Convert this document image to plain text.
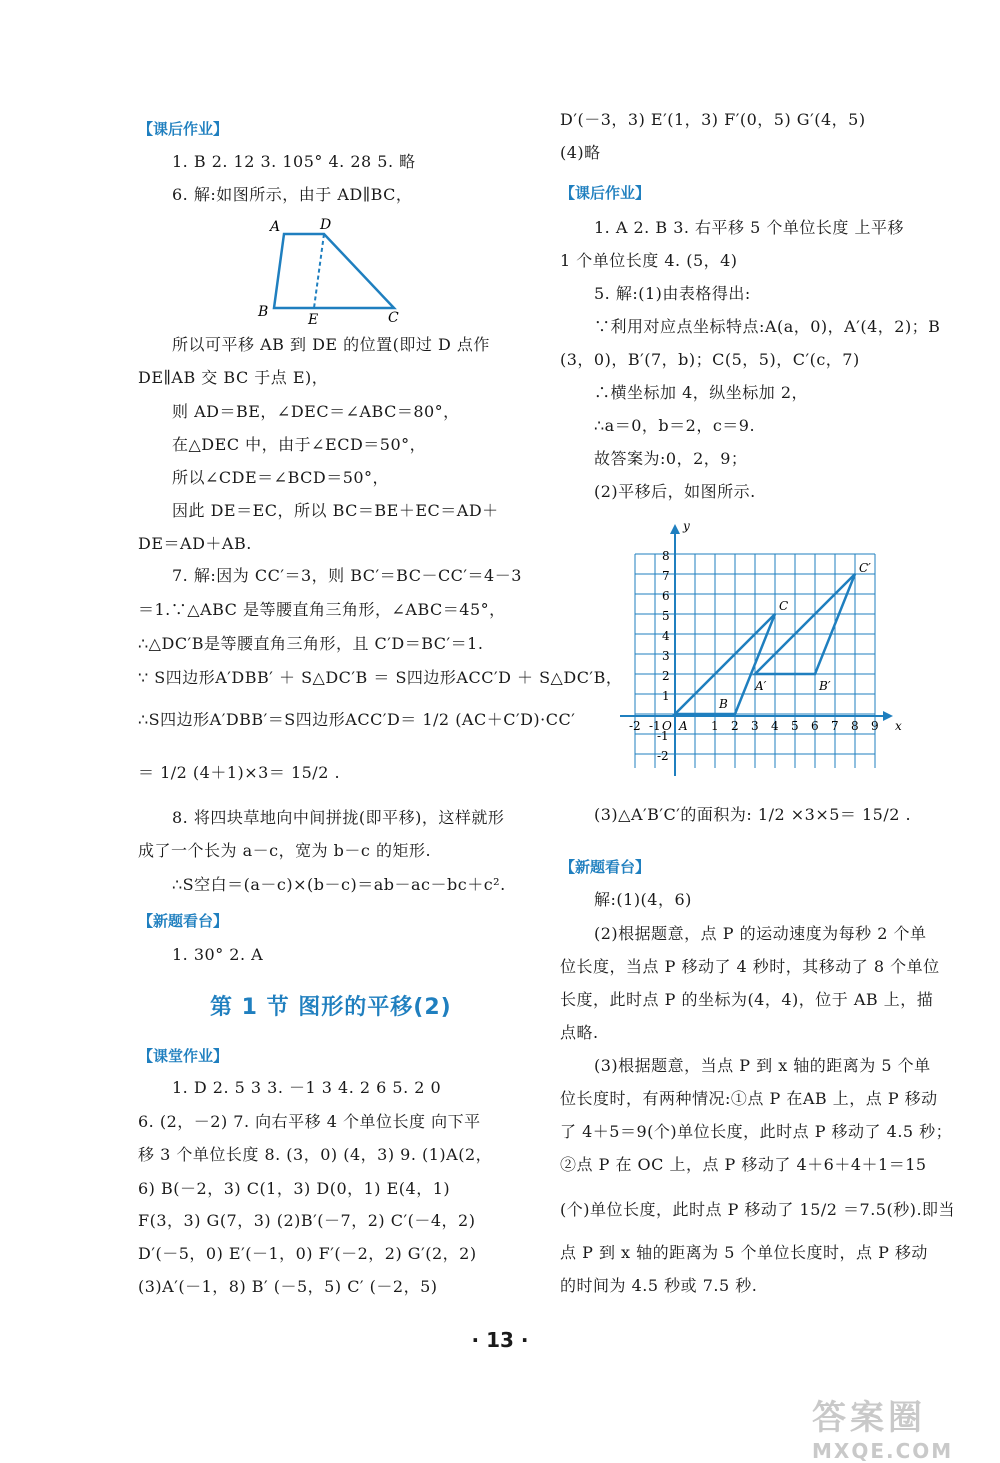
【课后作业】
1. B 2. 12 3. 105° 4. 28 5. 略
6. 解:如图所示，由于 AD∥BC，
A	D
B	E	C
所以可平移 AB 到 DE 的位置(即过 D 点作
DE∥AB 交 BC 于点 E)，
则 AD＝BE，∠DEC＝∠ABC＝80°，
在△DEC 中，由于∠ECD＝50°，
所以∠CDE＝∠BCD＝50°，
因此 DE＝EC，所以 BC＝BE＋EC＝AD＋
DE＝AD＋AB.
7. 解:因为 CC′＝3，则 BC′＝BC－CC′＝4－3
＝1.∵△ABC 是等腰直角三角形，∠ABC＝45°，
∴△DC′B是等腰直角三角形，且 C′D＝BC′＝1.
∵ S四边形A′DBB′ ＋ S△DC′B ＝ S四边形ACC′D ＋ S△DC′B，
∴S四边形A′DBB′＝S四边形ACC′D＝ 1/2 (AC＋C′D)·CC′
＝ 1/2 (4＋1)×3＝ 15/2 .
8. 将四块草地向中间拼拢(即平移)，这样就形
成了一个长为 a－c，宽为 b－c 的矩形.
∴S空白＝(a－c)×(b－c)＝ab－ac－bc＋c².
【新题看台】
1. 30° 2. A
第 1 节 图形的平移(2)
【课堂作业】
1. D 2. 5 3 3. －1 3 4. 2 6 5. 2 0
6. (2，－2) 7. 向右平移 4 个单位长度 向下平
移 3 个单位长度 8. (3，0) (4，3) 9. (1)A(2，
6) B(－2，3) C(1，3) D(0，1) E(4，1)
F(3，3) G(7，3) (2)B′(－7，2) C′(－4，2)
D′(－5，0) E′(－1，0) F′(－2，2) G′(2，2)
(3)A′(－1，8) B′ (－5，5) C′ (－2，5)
D′(－3，3) E′(1，3) F′(0，5) G′(4，5)
(4)略
【课后作业】
1. A 2. B 3. 右平移 5 个单位长度 上平移
1 个单位长度 4. (5，4)
5. 解:(1)由表格得出:
∵利用对应点坐标特点:A(a，0)，A′(4，2)；B
(3，0)，B′(7，b)；C(5，5)，C′(c，7)
∴横坐标加 4，纵坐标加 2，
∴a＝0，b＝2，c＝9.
故答案为:0，2，9；
(2)平移后，如图所示.
y
x
O
-2 -1	1 2 3 4 5 6 7 8 9
8
7
6
5
4
3
2
1
-1
-2
A
B
C
A′	B′
C′
(3)△A′B′C′的面积为: 1/2 ×3×5＝ 15/2 .
【新题看台】
解:(1)(4，6)
(2)根据题意，点 P 的运动速度为每秒 2 个单
位长度，当点 P 移动了 4 秒时，其移动了 8 个单位
长度，此时点 P 的坐标为(4，4)，位于 AB 上，描
点略.
(3)根据题意，当点 P 到 x 轴的距离为 5 个单
位长度时，有两种情况:①点 P 在AB 上，点 P 移动
了 4＋5＝9(个)单位长度，此时点 P 移动了 4.5 秒；
②点 P 在 OC 上，点 P 移动了 4＋6＋4＋1＝15
(个)单位长度，此时点 P 移动了 15/2 ＝7.5(秒).即当
点 P 到 x 轴的距离为 5 个单位长度时，点 P 移动
的时间为 4.5 秒或 7.5 秒.
· 13 ·
答案圈
MXQE.COM
